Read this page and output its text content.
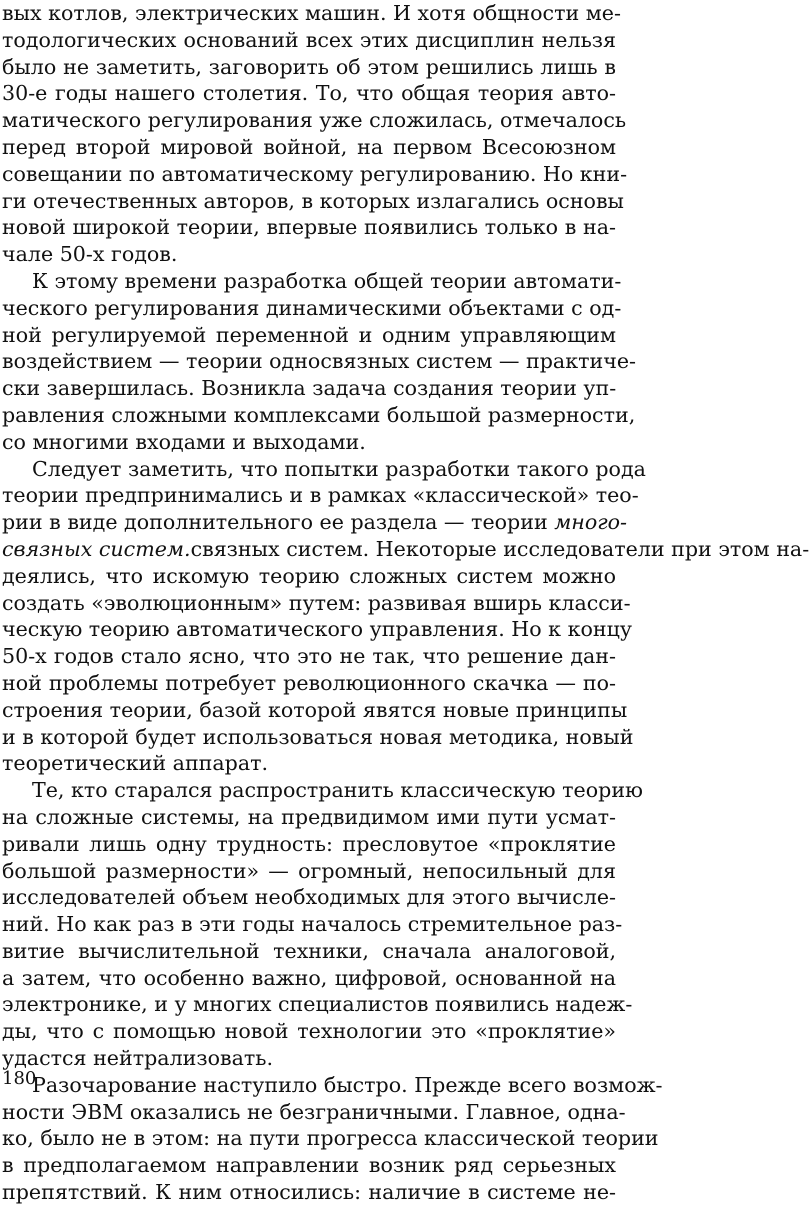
вых котлов, электрических машин. И хотя общности ме-
тодологических оснований всех этих дисциплин нельзя
было не заметить, заговорить об этом решились лишь в
30-е годы нашего столетия. То, что общая теория авто-
матического регулирования уже сложилась, отмечалось
перед второй мировой войной, на первом Всесоюзном
совещании по автоматическому регулированию. Но кни-
ги отечественных авторов, в которых излагались основы
новой широкой теории, впервые появились только в на-
чале 50-х годов.
К этому времени разработка общей теории автомати-
ческого регулирования динамическими объектами с од-
ной регулируемой переменной и одним управляющим
воздействием — теории односвязных систем — практиче-
ски завершилась. Возникла задача создания теории уп-
равления сложными комплексами большой размерности,
со многими входами и выходами.
Следует заметить, что попытки разработки такого рода
теории предпринимались и в рамках «классической» тео-
рии в виде дополнительного ее раздела — теории многo-
связных систем.связных систем. Некоторые исследователи при этом на-
деялись, что искомую теорию сложных систем можно
создать «эволюционным» путем: развивая вширь класси-
ческую теорию автоматического управления. Но к концу
50-х годов стало ясно, что это не так, что решение дан-
ной проблемы потребует революционного скачка — по-
строения теории, базой которой явятся новые принципы
и в которой будет использоваться новая методика, новый
теоретический аппарат.
Те, кто старался распространить классическую теорию
на сложные системы, на предвидимом ими пути усмат-
ривали лишь одну трудность: пресловутое «проклятие
большой размерности» — огромный, непосильный для
исследователей объем необходимых для этого вычисле-
ний. Но как раз в эти годы началось стремительное раз-
витие вычислительной техники, сначала аналоговой,
а затем, что особенно важно, цифровой, основанной на
электронике, и у многих специалистов появились надеж-
ды, что с помощью новой технологии это «проклятие»
удастся нейтрализовать.
Разочарование наступило быстро. Прежде всего возмож-
ности ЭВМ оказались не безграничными. Главное, одна-
ко, было не в этом: на пути прогресса классической теории
в предполагаемом направлении возник ряд серьезных
препятствий. К ним относились: наличие в системе не-
180
